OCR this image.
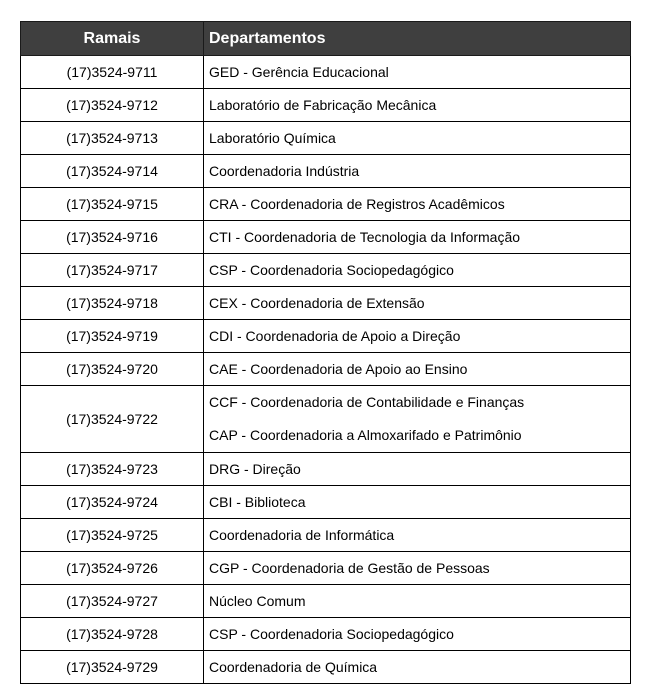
Ramais	Departamentos
(17)3524-9711	GED - Gerência Educacional
(17)3524-9712	Laboratório de Fabricação Mecânica
(17)3524-9713	Laboratório Química
(17)3524-9714	Coordenadoria Indústria
(17)3524-9715	CRA - Coordenadoria de Registros Acadêmicos
(17)3524-9716	CTI - Coordenadoria de Tecnologia da Informação
(17)3524-9717	CSP - Coordenadoria Sociopedagógico
(17)3524-9718	CEX - Coordenadoria de Extensão
(17)3524-9719	CDI - Coordenadoria de Apoio a Direção
(17)3524-9720	CAE - Coordenadoria de Apoio ao Ensino
(17)3524-9722	CCF - Coordenadoria de Contabilidade e Finanças
CAP - Coordenadoria a Almoxarifado e Patrimônio

(17)3524-9723	DRG - Direção
(17)3524-9724	CBI - Biblioteca
(17)3524-9725	Coordenadoria de Informática
(17)3524-9726	CGP - Coordenadoria de Gestão de Pessoas
(17)3524-9727	Núcleo Comum
(17)3524-9728	CSP - Coordenadoria Sociopedagógico
(17)3524-9729	Coordenadoria de Química
